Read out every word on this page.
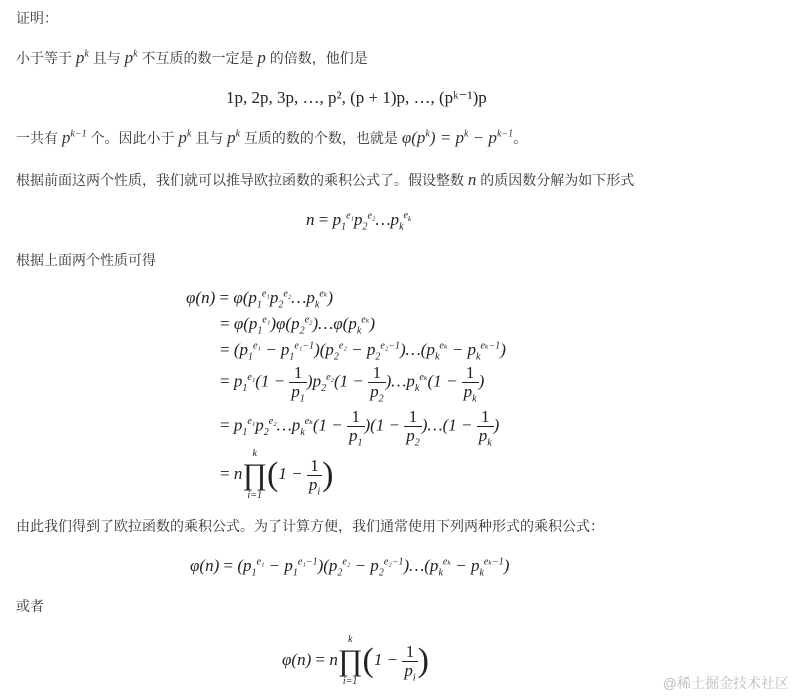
证明：
小于等于 $p^k$ 且与 $p^k$ 不互质的数一定是 p 的倍数，他们是
1p, 2p, 3p, …, p², (p + 1)p, …, (pᵏ⁻¹)p
一共有 $p^{k-1}$ 个。因此小于 $p^k$ 且与 $p^k$ 互质的数的个数，也就是 $\varphi(p^k) = p^k - p^{k-1}$。
根据前面这两个性质，我们就可以推导欧拉函数的乘积公式了。假设整数 n 的质因数分解为如下形式
$n = p_1^{e_1}p_2^{e_2}\dots p_k^{e_k}$
根据上面两个性质可得
$\varphi(n) = \varphi(p_1^{e_1}p_2^{e_2}\dots p_k^{e_k})$
= $\varphi(p_1^{e_1})\varphi(p_2^{e_2})\dots\varphi(p_k^{e_k})$
= $(p_1^{e_1} - p_1^{e_1-1})(p_2^{e_2}$ − $p_2^{e_2-1})\dots(p_k^{e_k} - p_k^{e_k-1})$
= $p_1^{e_1}(1 - \frac{1}{p_1} )p_2^{e_2}(1 - \frac{1}{p_2}$ )$\dots p_k^{e_k}(1 - \frac{1}{p_k}$ )
= $p_1^{e_1}p_2^{e_2}\dots p_k^{e_k}(1 - \frac{1}{p_1} )(1 - \frac{1}{p_2}$ )…(1 − $\frac{1}{p_k}$ )
= n
k
∏
i=1
($1 - \frac{1}{p_i}$ )
由此我们得到了欧拉函数的乘积公式。为了计算方便，我们通常使用下列两种形式的乘积公式：
$\varphi(n) = (p_1^{e_1} - p_1^{e_1-1})(p_2^{e_2}$ − $p_2^{e_2-1})\dots(p_k^{e_k} - p_k^{e_k-1})$
或者
φ(n) = n
k
∏
i=1
($1 - \frac{1}{p_i}$ )
@稀土掘金技术社区
